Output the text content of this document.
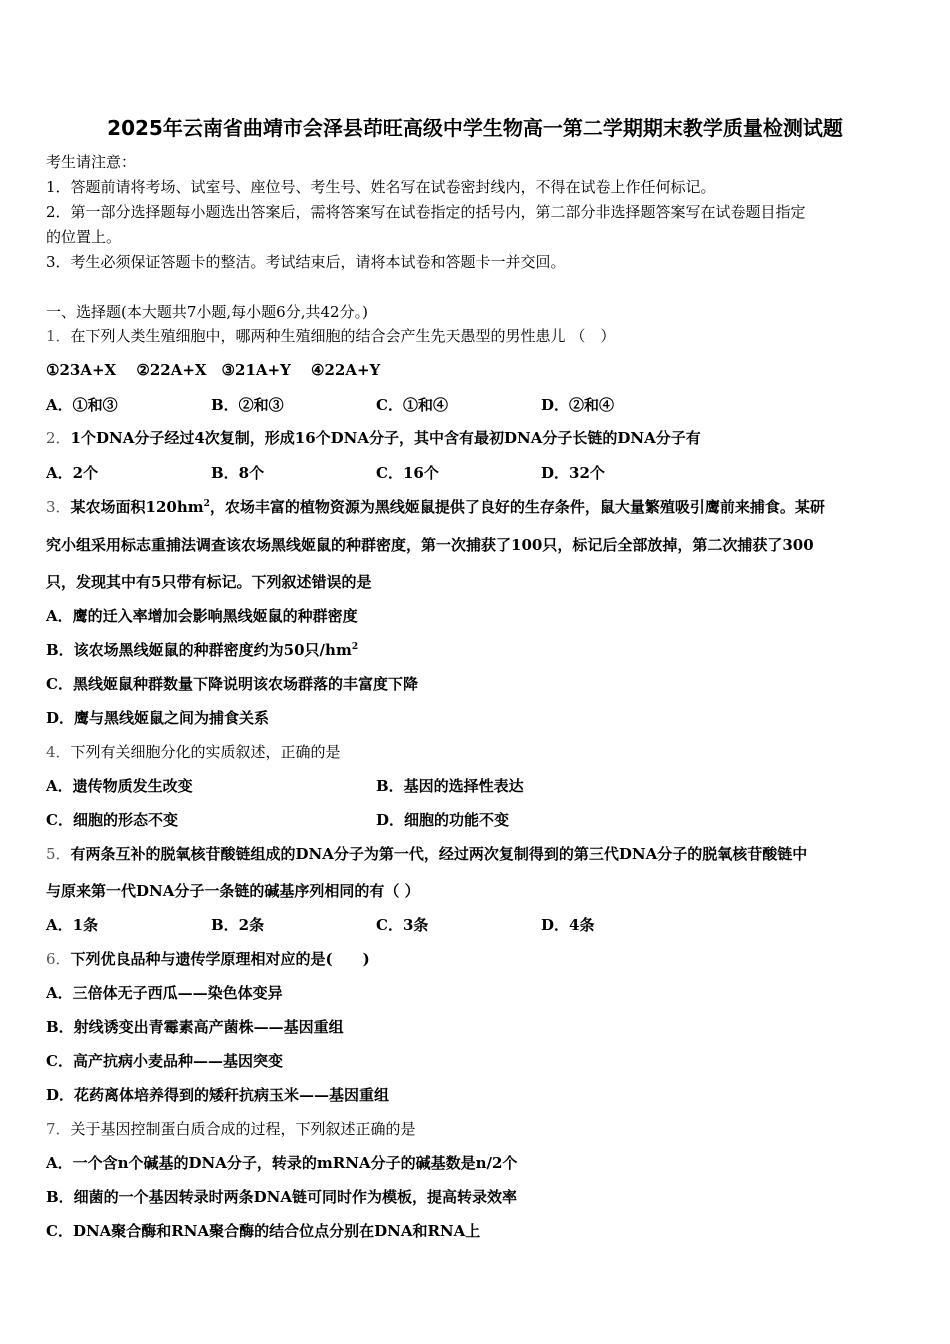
2025年云南省曲靖市会泽县茚旺高级中学生物高一第二学期期末教学质量检测试题
考生请注意：
1．答题前请将考场、试室号、座位号、考生号、姓名写在试卷密封线内，不得在试卷上作任何标记。
2．第一部分选择题每小题选出答案后，需将答案写在试卷指定的括号内，第二部分非选择题答案写在试卷题目指定
的位置上。
3．考生必须保证答题卡的整洁。考试结束后，请将本试卷和答题卡一并交回。
一、选择题(本大题共7小题,每小题6分,共42分。)
1．在下列人类生殖细胞中，哪两种生殖细胞的结合会产生先天愚型的男性患儿 （　）
①23A+X　 ②22A+X　③21A+Y　 ④22A+Y
A．①和③	B．②和③	C．①和④	D．②和④
2．1个DNA分子经过4次复制，形成16个DNA分子，其中含有最初DNA分子长链的DNA分子有
A．2个	B．8个	C．16个	D．32个
3．某农场面积$120hm^2$，农场丰富的植物资源为黑线姬鼠提供了良好的生存条件，鼠大量繁殖吸引鹰前来捕食。某研
究小组采用标志重捕法调查该农场黑线姬鼠的种群密度，第一次捕获了100只，标记后全部放掉，第二次捕获了300
只，发现其中有5只带有标记。下列叙述错误的是
A．鹰的迁入率增加会影响黑线姬鼠的种群密度
B．该农场黑线姬鼠的种群密度约为50只$/hm^2$
C．黑线姬鼠种群数量下降说明该农场群落的丰富度下降
D．鹰与黑线姬鼠之间为捕食关系
4．下列有关细胞分化的实质叙述，正确的是
A．遗传物质发生改变	B．基因的选择性表达
C．细胞的形态不变	D．细胞的功能不变
5．有两条互补的脱氧核苷酸链组成的DNA分子为第一代，经过两次复制得到的第三代DNA分子的脱氧核苷酸链中
与原来第一代DNA分子一条链的碱基序列相同的有（ ）
A．1条	B．2条	C．3条	D．4条
6．下列优良品种与遗传学原理相对应的是(　　)
A．三倍体无子西瓜——染色体变异
B．射线诱变出青霉素高产菌株——基因重组
C．高产抗病小麦品种——基因突变
D．花药离体培养得到的矮秆抗病玉米——基因重组
7．关于基因控制蛋白质合成的过程，下列叙述正确的是
A．一个含n个碱基的DNA分子，转录的mRNA分子的碱基数是n/2个
B．细菌的一个基因转录时两条DNA链可同时作为模板，提高转录效率
C．DNA聚合酶和RNA聚合酶的结合位点分别在DNA和RNA上
